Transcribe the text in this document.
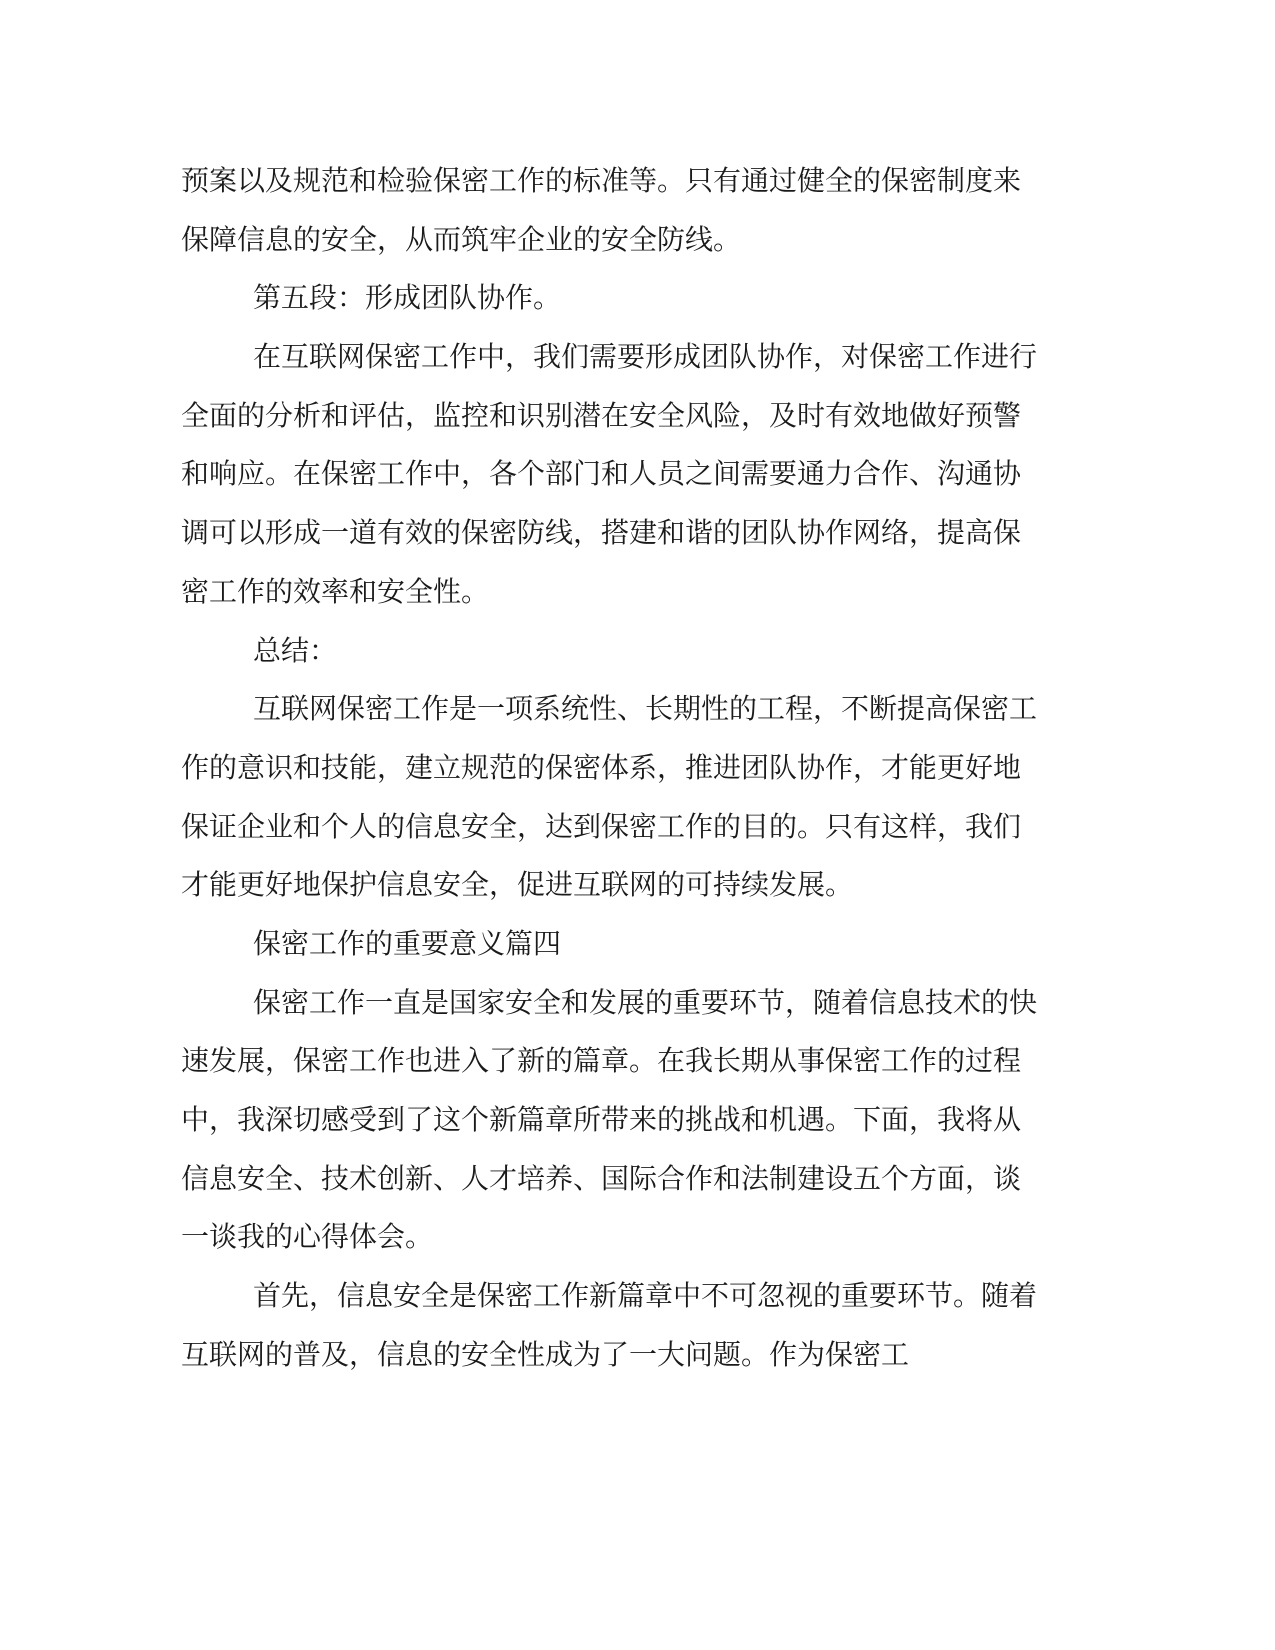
预案以及规范和检验保密工作的标准等。只有通过健全的保密制度来
保障信息的安全，从而筑牢企业的安全防线。
第五段：形成团队协作。
在互联网保密工作中，我们需要形成团队协作，对保密工作进行
全面的分析和评估，监控和识别潜在安全风险，及时有效地做好预警
和响应。在保密工作中，各个部门和人员之间需要通力合作、沟通协
调可以形成一道有效的保密防线，搭建和谐的团队协作网络，提高保
密工作的效率和安全性。
总结：
互联网保密工作是一项系统性、长期性的工程，不断提高保密工
作的意识和技能，建立规范的保密体系，推进团队协作，才能更好地
保证企业和个人的信息安全，达到保密工作的目的。只有这样，我们
才能更好地保护信息安全，促进互联网的可持续发展。
保密工作的重要意义篇四
保密工作一直是国家安全和发展的重要环节，随着信息技术的快
速发展，保密工作也进入了新的篇章。在我长期从事保密工作的过程
中，我深切感受到了这个新篇章所带来的挑战和机遇。下面，我将从
信息安全、技术创新、人才培养、国际合作和法制建设五个方面，谈
一谈我的心得体会。
首先，信息安全是保密工作新篇章中不可忽视的重要环节。随着
互联网的普及，信息的安全性成为了一大问题。作为保密工
